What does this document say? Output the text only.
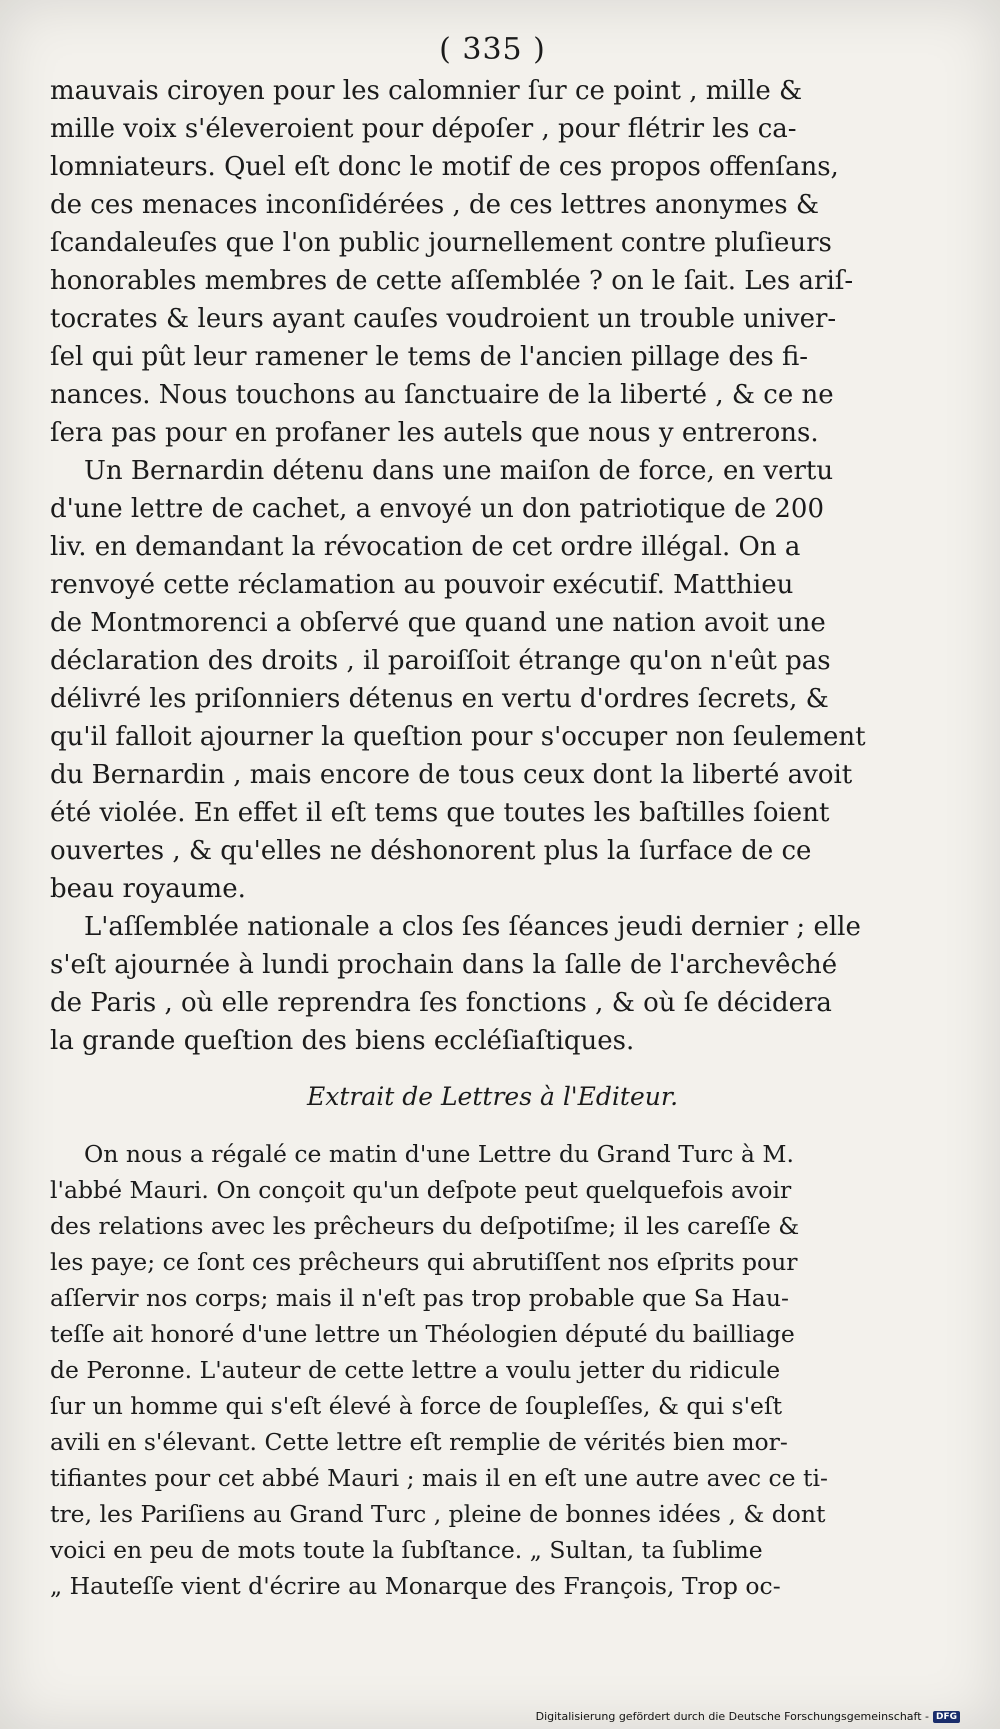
( 335 )
mauvais ciroyen pour les calomnier ſur ce point , mille &
mille voix s'éleveroient pour dépoſer , pour flétrir les ca-
lomniateurs. Quel eſt donc le motif de ces propos offenſans,
de ces menaces inconſidérées , de ces lettres anonymes &
ſcandaleuſes que l'on public journellement contre pluſieurs
honorables membres de cette aſſemblée ? on le ſait. Les ariſ-
tocrates & leurs ayant cauſes voudroient un trouble univer-
ſel qui pût leur ramener le tems de l'ancien pillage des fi-
nances. Nous touchons au ſanctuaire de la liberté , & ce ne
ſera pas pour en profaner les autels que nous y entrerons.
Un Bernardin détenu dans une maiſon de force, en vertu
d'une lettre de cachet, a envoyé un don patriotique de 200
liv. en demandant la révocation de cet ordre illégal. On a
renvoyé cette réclamation au pouvoir exécutif. Matthieu
de Montmorenci a obſervé que quand une nation avoit une
déclaration des droits , il paroiſſoit étrange qu'on n'eût pas
délivré les priſonniers détenus en vertu d'ordres ſecrets, &
qu'il falloit ajourner la queſtion pour s'occuper non ſeulement
du Bernardin , mais encore de tous ceux dont la liberté avoit
été violée. En effet il eſt tems que toutes les baſtilles ſoient
ouvertes , & qu'elles ne déshonorent plus la ſurface de ce
beau royaume.
L'aſſemblée nationale a clos ſes ſéances jeudi dernier ; elle
s'eſt ajournée à lundi prochain dans la ſalle de l'archevêché
de Paris , où elle reprendra ſes fonctions , & où ſe décidera
la grande queſtion des biens eccléſiaſtiques.
Extrait de Lettres à l'Editeur.
On nous a régalé ce matin d'une Lettre du Grand Turc à M.
l'abbé Mauri. On conçoit qu'un deſpote peut quelquefois avoir
des relations avec les prêcheurs du deſpotiſme; il les careſſe &
les paye; ce ſont ces prêcheurs qui abrutiſſent nos eſprits pour
aſſervir nos corps; mais il n'eſt pas trop probable que Sa Hau-
teſſe ait honoré d'une lettre un Théologien député du bailliage
de Peronne. L'auteur de cette lettre a voulu jetter du ridicule
ſur un homme qui s'eſt élevé à force de ſoupleſſes, & qui s'eſt
avili en s'élevant. Cette lettre eſt remplie de vérités bien mor-
tifiantes pour cet abbé Mauri ; mais il en eſt une autre avec ce ti-
tre, les Pariſiens au Grand Turc , pleine de bonnes idées , & dont
voici en peu de mots toute la ſubſtance. „ Sultan, ta ſublime
„ Hauteſſe vient d'écrire au Monarque des François, Trop oc-
Digitalisierung gefördert durch die Deutsche Forschungsgemeinschaft - DFG
